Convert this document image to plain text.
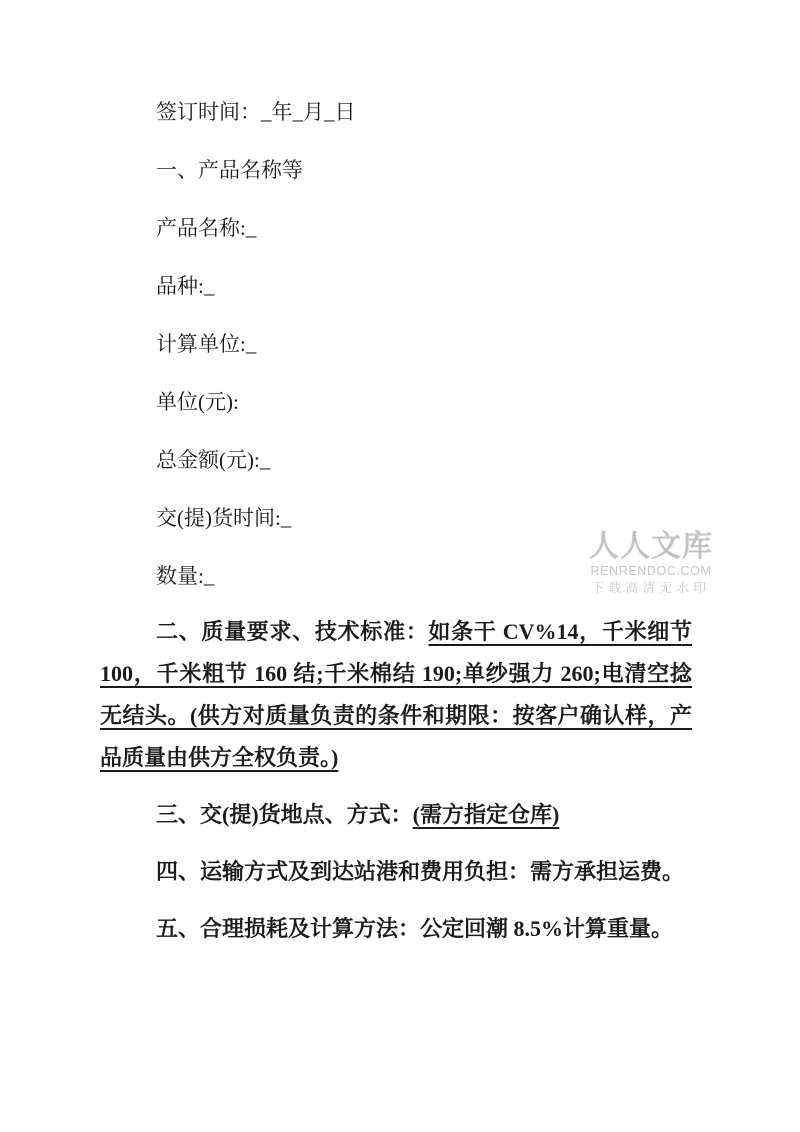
人人文库
RENRENDOC.COM
下载高清无水印

签订时间：_年_月_日

一、产品名称等

产品名称:_

品种:_

计算单位:_

单位(元):

总金额(元):_

交(提)货时间:_

数量:_

二、质量要求、技术标准：如条干 CV%14，千米细节 100，千米粗节 160 结;千米棉结 190;单纱强力 260;电清空捻无结头。(供方对质量负责的条件和期限：按客户确认样，产品质量由供方全权负责。)

三、交(提)货地点、方式：(需方指定仓库)

四、运输方式及到达站港和费用负担：需方承担运费。

五、合理损耗及计算方法：公定回潮 8.5%计算重量。
